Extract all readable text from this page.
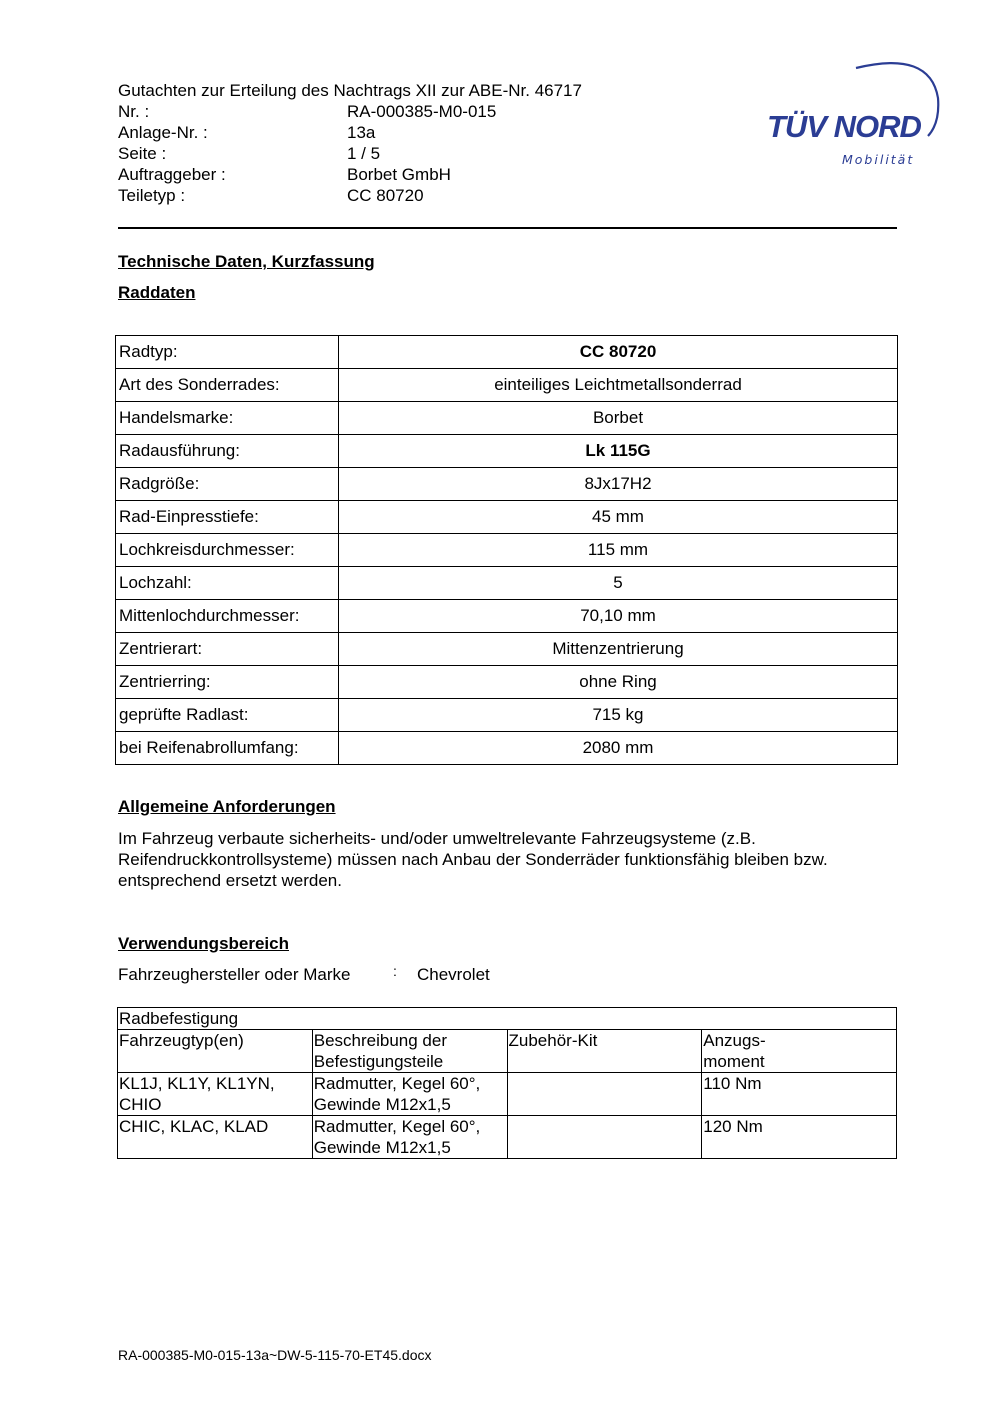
Gutachten zur Erteilung des Nachtrags XII zur ABE-Nr. 46717
Nr. :	RA-000385-M0-015
Anlage-Nr. :	13a
Seite :	1 / 5
Auftraggeber :	Borbet GmbH
Teiletyp :	CC 80720
TÜV NORD
Mobilität
Technische Daten, Kurzfassung
Raddaten
Radtyp:	CC 80720
Art des Sonderrades:	einteiliges Leichtmetallsonderrad
Handelsmarke:	Borbet
Radausführung:	Lk 115G
Radgröße:	8Jx17H2
Rad-Einpresstiefe:	45 mm
Lochkreisdurchmesser:	115 mm
Lochzahl:	5
Mittenlochdurchmesser:	70,10 mm
Zentrierart:	Mittenzentrierung
Zentrierring:	ohne Ring
geprüfte Radlast:	715 kg
bei Reifenabrollumfang:	2080 mm
Allgemeine Anforderungen
Im Fahrzeug verbaute sicherheits- und/oder umweltrelevante Fahrzeugsysteme (z.B.
Reifendruckkontrollsysteme) müssen nach Anbau der Sonderräder funktionsfähig bleiben bzw.
entsprechend ersetzt werden.
Verwendungsbereich
Fahrzeughersteller oder Marke	: Chevrolet
Radbefestigung			
Fahrzeugtyp(en)	Beschreibung der Befestigungsteile	Zubehör-Kit	Anzugs-
moment
KL1J, KL1Y, KL1YN, CHIO	Radmutter, Kegel 60°, Gewinde M12x1,5		110 Nm
CHIC, KLAC, KLAD	Radmutter, Kegel 60°, Gewinde M12x1,5		120 Nm
RA-000385-M0-015-13a~DW-5-115-70-ET45.docx
